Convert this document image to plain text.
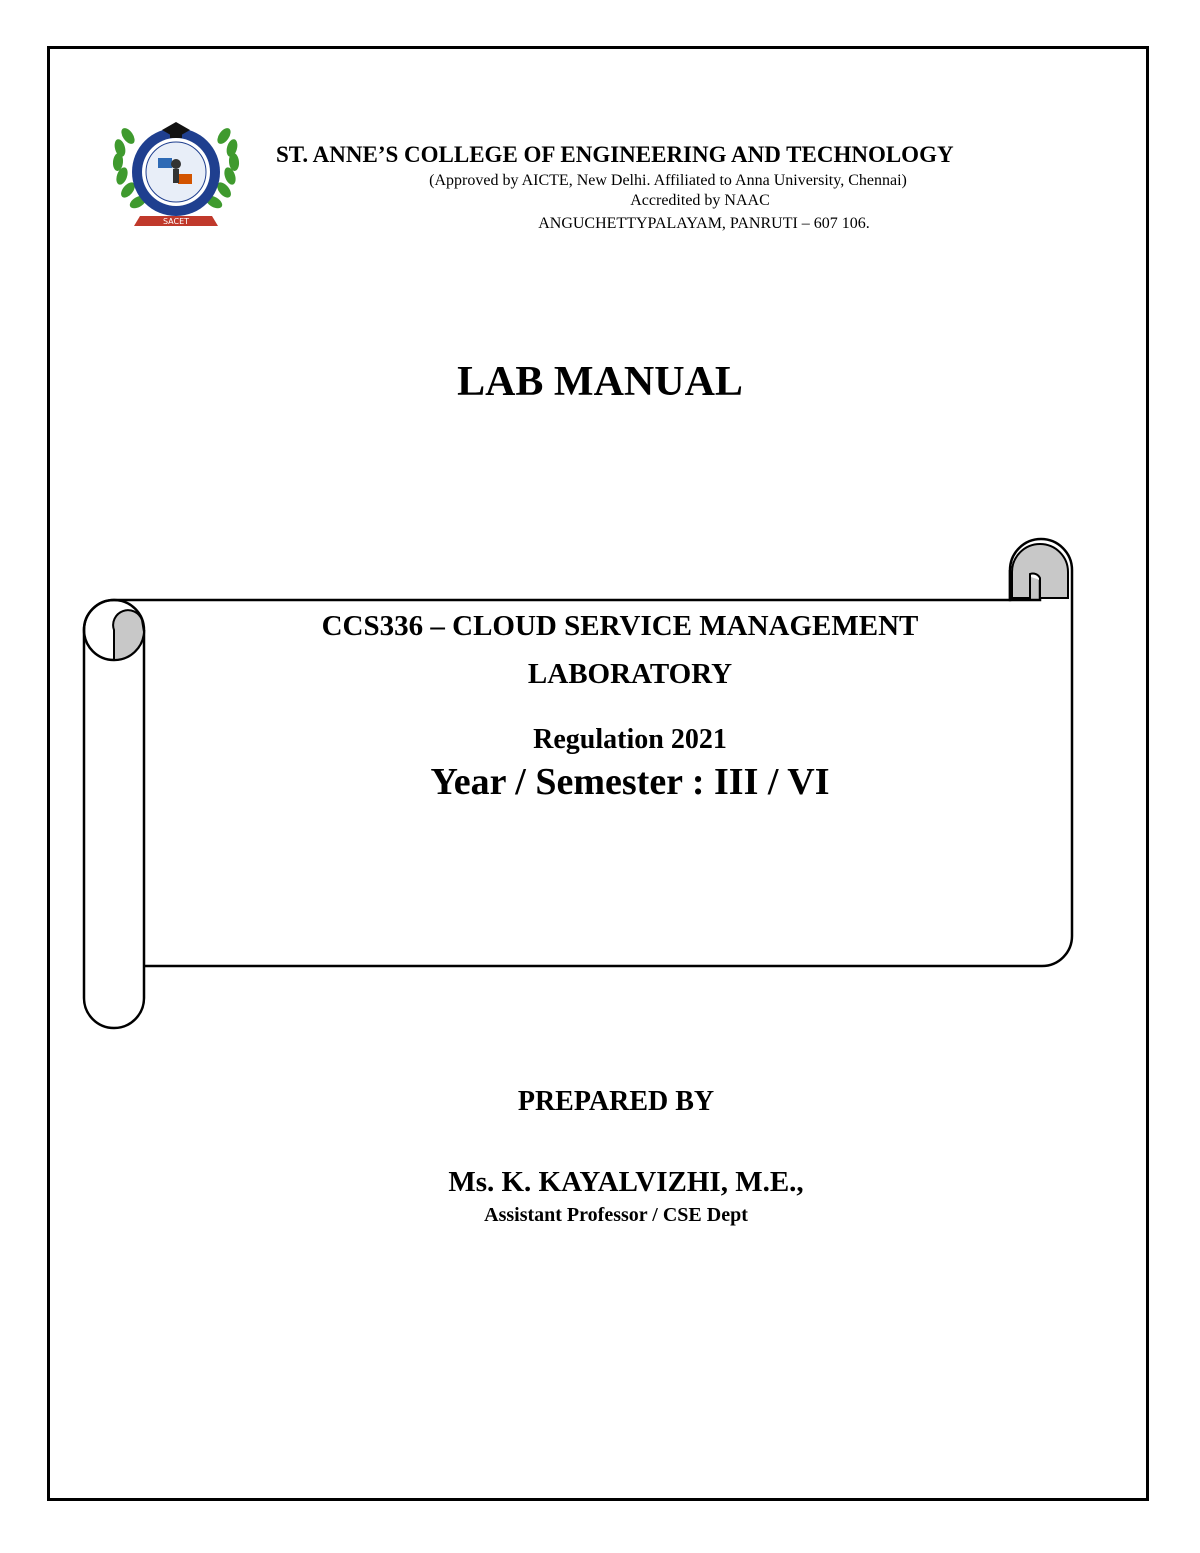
SACET
ST. ANNE’S COLLEGE OF ENGINEERING AND TECHNOLOGY
(Approved by AICTE, New Delhi. Affiliated to Anna University, Chennai)
Accredited by NAAC
ANGUCHETTYPALAYAM, PANRUTI – 607 106.
LAB MANUAL
CCS336 – CLOUD SERVICE MANAGEMENT
LABORATORY
Regulation 2021
Year / Semester : III / VI
PREPARED BY
Ms. K. KAYALVIZHI, M.E.,
Assistant Professor / CSE Dept
